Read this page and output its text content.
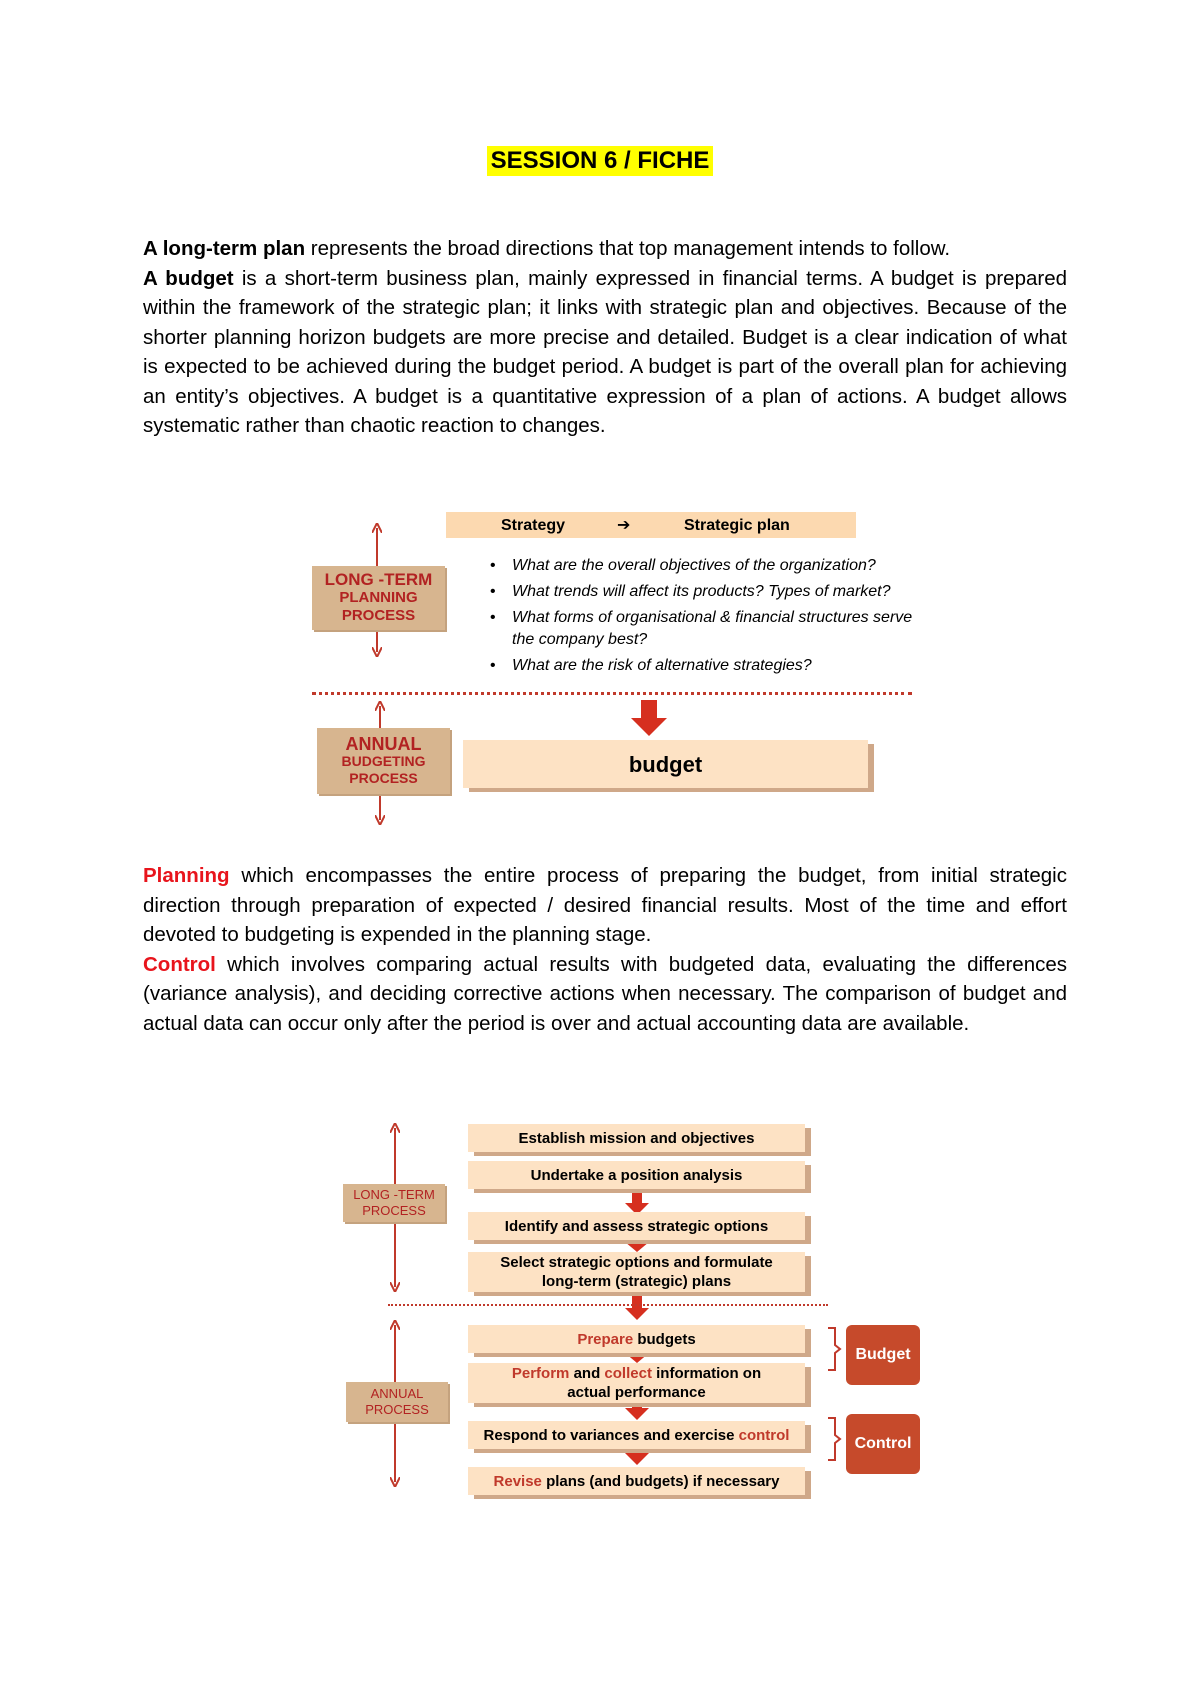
SESSION 6 / FICHE

A long-term plan represents the broad directions that top management intends to follow.
A budget is a short-term business plan, mainly expressed in financial terms. A budget is prepared within the framework of the strategic plan; it links with strategic plan and objectives. Because of the shorter planning horizon budgets are more precise and detailed. Budget is a clear indication of what is expected to be achieved during the budget period. A budget is part of the overall plan for achieving an entity’s objectives. A budget is a quantitative expression of a plan of actions. A budget allows systematic rather than chaotic reaction to changes.

Strategy	➔	Strategic plan
LONG -TERM
PLANNING
PROCESS
• What are the overall objectives of the organization?
• What trends will affect its products? Types of market?
• What forms of organisational & financial structures serve the company best?
• What are the risk of alternative strategies?
ANNUAL
BUDGETING
PROCESS
budget

Planning which encompasses the entire process of preparing the budget, from initial strategic direction through preparation of expected / desired financial results. Most of the time and effort devoted to budgeting is expended in the planning stage.
Control which involves comparing actual results with budgeted data, evaluating the differences (variance analysis), and deciding corrective actions when necessary. The comparison of budget and actual data can occur only after the period is over and actual accounting data are available.

LONG -TERM
PROCESS
ANNUAL
PROCESS
Establish mission and objectives
Undertake a position analysis
Identify and assess strategic options
Select strategic options and formulate
long-term (strategic) plans
Prepare budgets
Perform and collect information on
actual performance
Respond to variances and exercise control
Revise plans (and budgets) if necessary
Budget
Control
